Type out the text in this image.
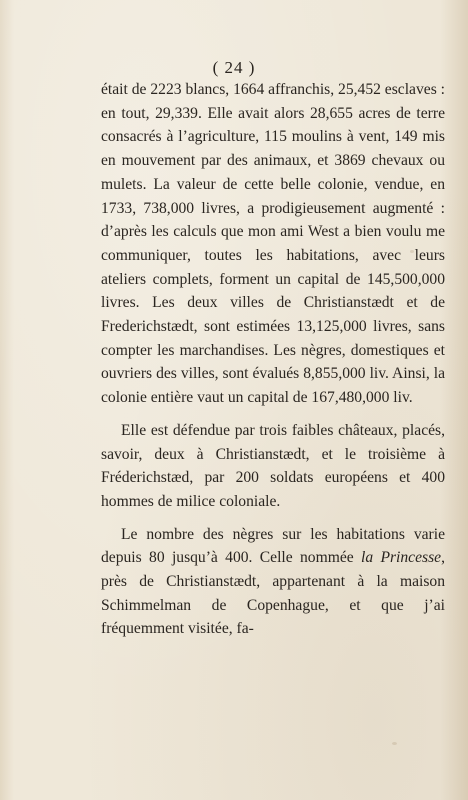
( 24 )

était de 2223 blancs, 1664 affranchis, 25,452 esclaves : en tout, 29,339. Elle avait alors 28,655 acres de terre consacrés à l’agriculture, 115 moulins à vent, 149 mis en mouvement par des animaux, et 3869 chevaux ou mulets. La valeur de cette belle colonie, vendue, en 1733, 738,000 livres, a prodigieusement augmenté : d’après les calculs que mon ami West a bien voulu me communiquer, toutes les habitations, avec leurs ateliers complets, forment un capital de 145,500,000 livres. Les deux villes de Christianstædt et de Frederichstædt, sont estimées 13,125,000 livres, sans compter les marchandises. Les nègres, domestiques et ouvriers des villes, sont évalués 8,855,000 liv. Ainsi, la colonie entière vaut un capital de 167,480,000 liv.

Elle est défendue par trois faibles châteaux, placés, savoir, deux à Christianstædt, et le troisième à Fréderichstæd, par 200 soldats européens et 400 hommes de milice coloniale.

Le nombre des nègres sur les habitations varie depuis 80 jusqu’à 400. Celle nommée la Princesse, près de Christianstædt, appartenant à la maison Schimmelman de Copenhague, et que j’ai fréquemment visitée, fa-
